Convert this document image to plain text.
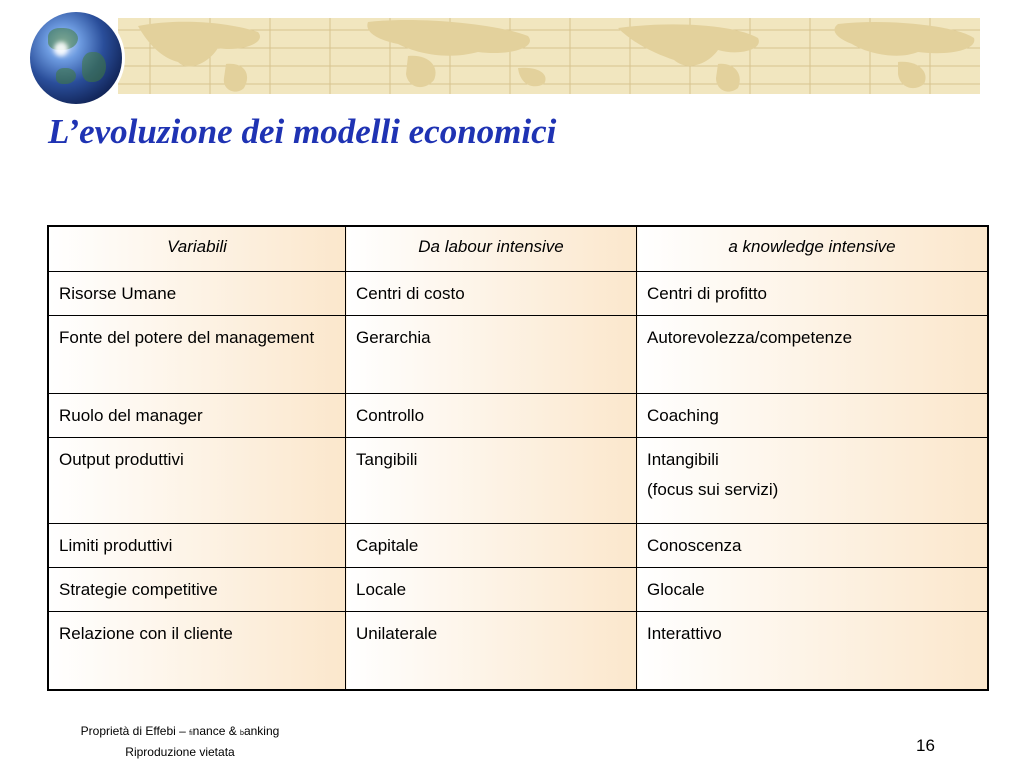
L’evoluzione dei modelli economici
Variabili	Da labour intensive	a knowledge intensive
Risorse Umane	Centri di costo	Centri di profitto
Fonte del potere del management	Gerarchia	Autorevolezza/competenze
Ruolo del manager	Controllo	Coaching
Output produttivi	Tangibili	Intangibili
(focus sui servizi)

Limiti produttivi	Capitale	Conoscenza
Strategie competitive	Locale	Glocale
Relazione con il cliente	Unilaterale	Interattivo
Proprietà di Effebi – finance & banking
Riproduzione vietata	16
